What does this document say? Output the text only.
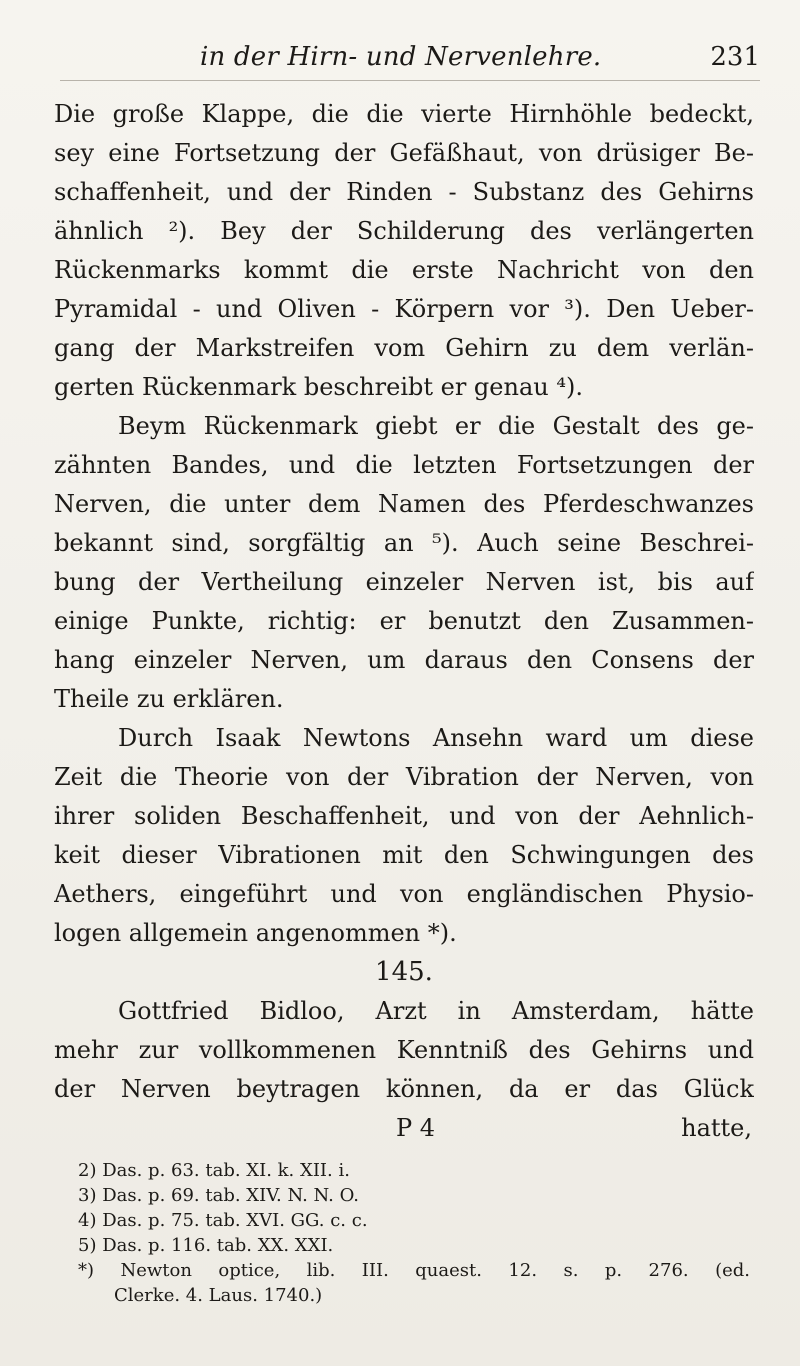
in der Hirn- und Nervenlehre.	231
Die große Klappe, die die vierte Hirnhöhle bedeckt,
sey eine Fortsetzung der Gefäßhaut, von drüsiger Be-
schaffenheit, und der Rinden - Substanz des Gehirns
ähnlich ²). Bey der Schilderung des verlängerten
Rückenmarks kommt die erste Nachricht von den
Pyramidal - und Oliven - Körpern vor ³). Den Ueber-
gang der Markstreifen vom Gehirn zu dem verlän-
gerten Rückenmark beschreibt er genau ⁴).
Beym Rückenmark giebt er die Gestalt des ge-
zähnten Bandes, und die letzten Fortsetzungen der
Nerven, die unter dem Namen des Pferdeschwanzes
bekannt sind, sorgfältig an ⁵). Auch seine Beschrei-
bung der Vertheilung einzeler Nerven ist, bis auf
einige Punkte, richtig: er benutzt den Zusammen-
hang einzeler Nerven, um daraus den Consens der
Theile zu erklären.
Durch Isaak Newtons Ansehn ward um diese
Zeit die Theorie von der Vibration der Nerven, von
ihrer soliden Beschaffenheit, und von der Aehnlich-
keit dieser Vibrationen mit den Schwingungen des
Aethers, eingeführt und von engländischen Physio-
logen allgemein angenommen *).
145.
Gottfried Bidloo, Arzt in Amsterdam, hätte
mehr zur vollkommenen Kenntniß des Gehirns und
der Nerven beytragen können, da er das Glück
P 4	hatte,
2) Das. p. 63. tab. XI. k. XII. i.
3) Das. p. 69. tab. XIV. N. N. O.
4) Das. p. 75. tab. XVI. GG. c. c.
5) Das. p. 116. tab. XX. XXI.
*) Newton optice, lib. III. quaest. 12. s. p. 276. (ed.
Clerke. 4. Laus. 1740.)
